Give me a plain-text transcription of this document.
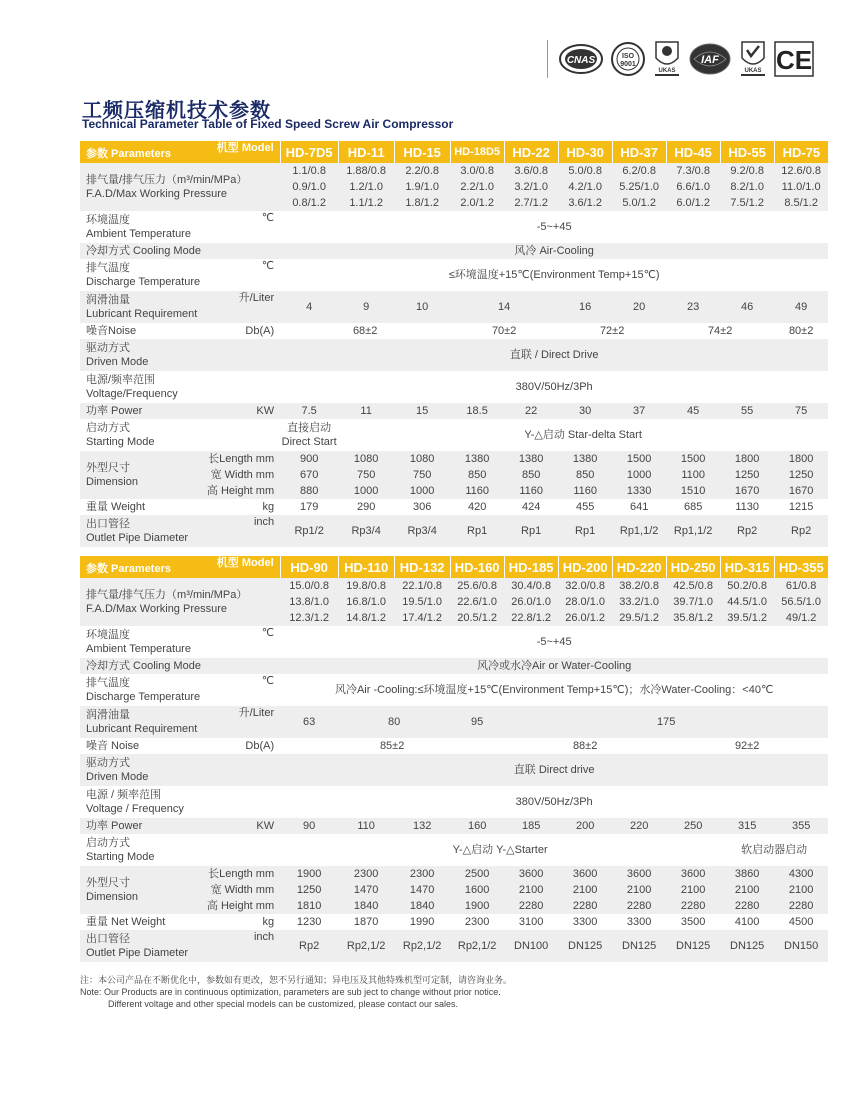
CNAS	ISO
9001
UKAS
IAF
UKAS CE
工频压缩机技术参数
Technical Parameter Table of Fixed Speed Screw Air Compressor
机型 Model
参数 Parameters		HD-7D5	HD-11	HD-15	HD-18D5	HD-22	HD-30	HD-37	HD-45	HD-55	HD-75

排气量/排气压力（m³/min/MPa）
F.A.D/Max Working Pressure		1.1/0.8	1.88/0.8	2.2/0.8	3.0/0.8	3.6/0.8	5.0/0.8	6.2/0.8	7.3/0.8	9.2/0.8	12.6/0.8
		0.9/1.0	1.2/1.0	1.9/1.0	2.2/1.0	3.2/1.0	4.2/1.0	5.25/1.0	6.6/1.0	8.2/1.0	11.0/1.0
		0.8/1.2	1.1/1.2	1.8/1.2	2.0/1.2	2.7/1.2	3.6/1.2	5.0/1.2	6.0/1.2	7.5/1.2	8.5/1.2

环境温度
Ambient Temperature	℃	-5~+45									
冷却方式 Cooling Mode		风冷 Air-Cooling									

排气温度
Discharge Temperature	℃	≤环境温度+15℃(Environment Temp+15℃)									

润滑油量
Lubricant Requirement	升/Liter	4	9	10	14		16	20	23	46	49
噪音Noise	Db(A)	68±2			70±2		72±2		74±2		80±2

驱动方式
Driven Mode		直联 / Direct Drive									

电源/频率范围
Voltage/Frequency		380V/50Hz/3Ph									
功率 Power	KW	7.5	11	15	18.5	22	30	37	45	55	75

启动方式
Starting Mode		直接启动
Direct Start	Y-△启动 Star-delta Start								

外型尺寸
Dimension	长Length mm	900	1080	1080	1380	1380	1380	1500	1500	1800	1800
	宽 Width mm	670	750	750	850	850	850	1000	1100	1250	1250
	高 Height mm	880	1000	1000	1160	1160	1160	1330	1510	1670	1670
重量 Weight	kg	179	290	306	420	424	455	641	685	1130	1215

出口管径
Outlet Pipe Diameter	inch	Rp1/2	Rp3/4	Rp3/4	Rp1	Rp1	Rp1	Rp1,1/2	Rp1,1/2	Rp2	Rp2
机型 Model
参数 Parameters		HD-90	HD-110	HD-132	HD-160	HD-185	HD-200	HD-220	HD-250	HD-315	HD-355

排气量/排气压力（m³/min/MPa）
F.A.D/Max Working Pressure		15.0/0.8	19.8/0.8	22.1/0.8	25.6/0.8	30.4/0.8	32.0/0.8	38.2/0.8	42.5/0.8	50.2/0.8	61/0.8
		13.8/1.0	16.8/1.0	19.5/1.0	22.6/1.0	26.0/1.0	28.0/1.0	33.2/1.0	39.7/1.0	44.5/1.0	56.5/1.0
		12.3/1.2	14.8/1.2	17.4/1.2	20.5/1.2	22.8/1.2	26.0/1.2	29.5/1.2	35.8/1.2	39.5/1.2	49/1.2

环境温度
Ambient Temperature	℃	-5~+45									
冷却方式 Cooling Mode		风冷或水冷Air or Water-Cooling									

排气温度
Discharge Temperature	℃	风冷Air -Cooling:≤环境温度+15℃(Environment Temp+15℃)；水冷Water-Cooling：<40℃									

润滑油量
Lubricant Requirement	升/Liter	63	80		95	175					
噪音 Noise	Db(A)	85±2				88±2			92±2		

驱动方式
Driven Mode		直联 Direct drive									

电源 / 频率范围
Voltage / Frequency		380V/50Hz/3Ph									
功率 Power	KW	90	110	132	160	185	200	220	250	315	355

启动方式
Starting Mode		Y-△启动 Y-△Starter								软启动器启动	

外型尺寸
Dimension	长Length mm	1900	2300	2300	2500	3600	3600	3600	3600	3860	4300
	宽 Width mm	1250	1470	1470	1600	2100	2100	2100	2100	2100	2100
	高 Height mm	1810	1840	1840	1900	2280	2280	2280	2280	2280	2280
重量 Net Weight	kg	1230	1870	1990	2300	3100	3300	3300	3500	4100	4500

出口管径
Outlet Pipe Diameter	inch	Rp2	Rp2,1/2	Rp2,1/2	Rp2,1/2	DN100	DN125	DN125	DN125	DN125	DN150
注：本公司产品在不断优化中，参数如有更改，恕不另行通知；异电压及其他特殊机型可定制，请咨询业务。
Note: Our Products are in continuous optimization, parameters are sub ject to change without prior notice.
Different voltage and other special models can be customized, please contact our sales.
